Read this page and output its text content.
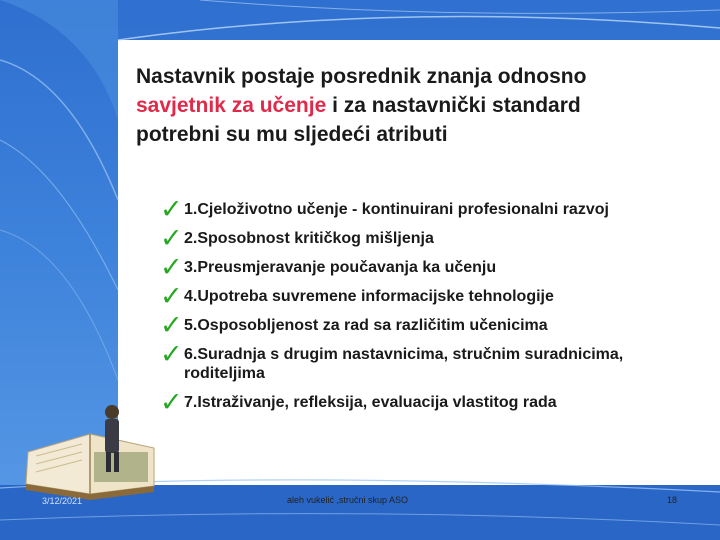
Nastavnik postaje posrednik znanja odnosno savjetnik za učenje i za nastavnički standard potrebni su mu sljedeći atributi
✓ 1.Cjeloživotno učenje - kontinuirani profesionalni razvoj
✓ 2.Sposobnost kritičkog mišljenja
✓ 3.Preusmjeravanje poučavanja ka učenju
✓ 4.Upotreba suvremene informacijske tehnologije
✓ 5.Osposobljenost za rad sa različitim učenicima
✓ 6.Suradnja s drugim nastavnicima, stručnim suradnicima, roditeljima
✓ 7.Istraživanje, refleksija, evaluacija vlastitog rada
3/12/2021	aleh vukelić ,stručni skup ASO	18
